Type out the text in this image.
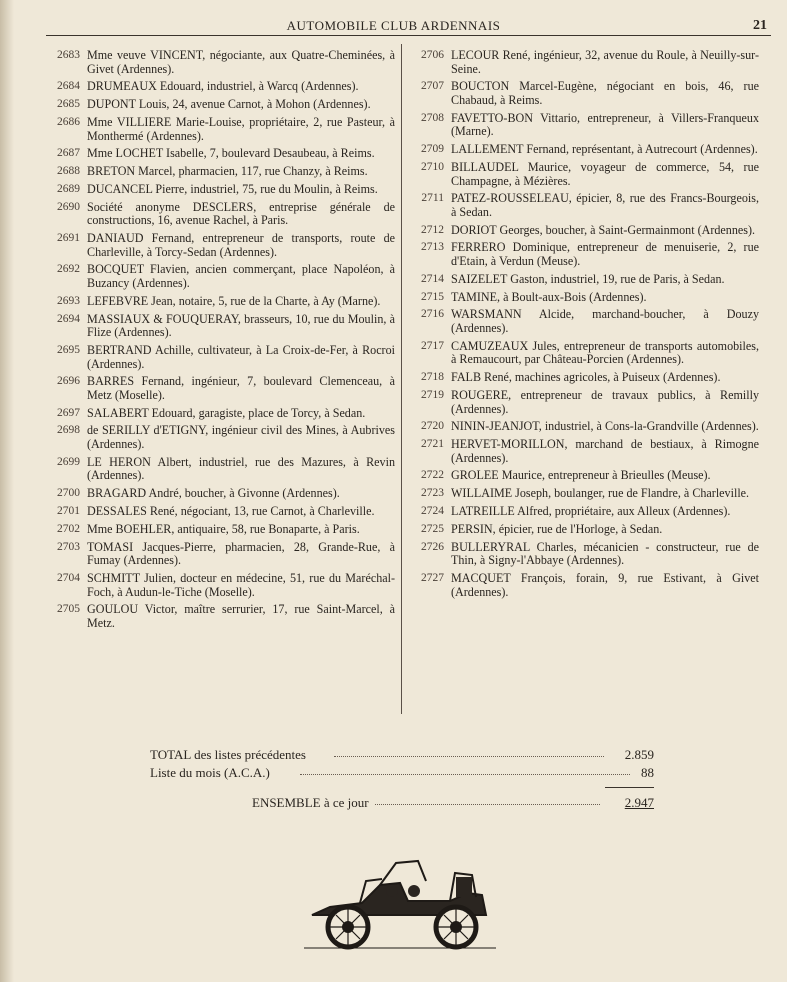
AUTOMOBILE CLUB ARDENNAIS	21
2683 Mme veuve VINCENT, négociante, aux Quatre-Cheminées, à Givet (Ardennes).
2684 DRUMEAUX Edouard, industriel, à Warcq (Ardennes).
2685 DUPONT Louis, 24, avenue Carnot, à Mohon (Ardennes).
2686 Mme VILLIERE Marie-Louise, propriétaire, 2, rue Pasteur, à Monthermé (Ardennes).
2687 Mme LOCHET Isabelle, 7, boulevard Desaubeau, à Reims.
2688 BRETON Marcel, pharmacien, 117, rue Chanzy, à Reims.
2689 DUCANCEL Pierre, industriel, 75, rue du Moulin, à Reims.
2690 Société anonyme DESCLERS, entreprise générale de constructions, 16, avenue Rachel, à Paris.
2691 DANIAUD Fernand, entrepreneur de transports, route de Charleville, à Torcy-Sedan (Ardennes).
2692 BOCQUET Flavien, ancien commerçant, place Napoléon, à Buzancy (Ardennes).
2693 LEFEBVRE Jean, notaire, 5, rue de la Charte, à Ay (Marne).
2694 MASSIAUX & FOUQUERAY, brasseurs, 10, rue du Moulin, à Flize (Ardennes).
2695 BERTRAND Achille, cultivateur, à La Croix-de-Fer, à Rocroi (Ardennes).
2696 BARRES Fernand, ingénieur, 7, boulevard Clemenceau, à Metz (Moselle).
2697 SALABERT Edouard, garagiste, place de Torcy, à Sedan.
2698 de SERILLY d'ETIGNY, ingénieur civil des Mines, à Aubrives (Ardennes).
2699 LE HERON Albert, industriel, rue des Mazures, à Revin (Ardennes).
2700 BRAGARD André, boucher, à Givonne (Ardennes).
2701 DESSALES René, négociant, 13, rue Carnot, à Charleville.
2702 Mme BOEHLER, antiquaire, 58, rue Bonaparte, à Paris.
2703 TOMASI Jacques-Pierre, pharmacien, 28, Grande-Rue, à Fumay (Ardennes).
2704 SCHMITT Julien, docteur en médecine, 51, rue du Maréchal-Foch, à Audun-le-Tiche (Moselle).
2705 GOULOU Victor, maître serrurier, 17, rue Saint-Marcel, à Metz.
2706 LECOUR René, ingénieur, 32, avenue du Roule, à Neuilly-sur-Seine.
2707 BOUCTON Marcel-Eugène, négociant en bois, 46, rue Chabaud, à Reims.
2708 FAVETTO-BON Vittario, entrepreneur, à Villers-Franqueux (Marne).
2709 LALLEMENT Fernand, représentant, à Autrecourt (Ardennes).
2710 BILLAUDEL Maurice, voyageur de commerce, 54, rue Champagne, à Mézières.
2711 PATEZ-ROUSSELEAU, épicier, 8, rue des Francs-Bourgeois, à Sedan.
2712 DORIOT Georges, boucher, à Saint-Germainmont (Ardennes).
2713 FERRERO Dominique, entrepreneur de menuiserie, 2, rue d'Etain, à Verdun (Meuse).
2714 SAIZELET Gaston, industriel, 19, rue de Paris, à Sedan.
2715 TAMINE, à Boult-aux-Bois (Ardennes).
2716 WARSMANN Alcide, marchand-boucher, à Douzy (Ardennes).
2717 CAMUZEAUX Jules, entrepreneur de transports automobiles, à Remaucourt, par Château-Porcien (Ardennes).
2718 FALB René, machines agricoles, à Puiseux (Ardennes).
2719 ROUGERE, entrepreneur de travaux publics, à Remilly (Ardennes).
2720 NININ-JEANJOT, industriel, à Cons-la-Grandville (Ardennes).
2721 HERVET-MORILLON, marchand de bestiaux, à Rimogne (Ardennes).
2722 GROLEE Maurice, entrepreneur à Brieulles (Meuse).
2723 WILLAIME Joseph, boulanger, rue de Flandre, à Charleville.
2724 LATREILLE Alfred, propriétaire, aux Alleux (Ardennes).
2725 PERSIN, épicier, rue de l'Horloge, à Sedan.
2726 BULLERYRAL Charles, mécanicien - constructeur, rue de Thin, à Signy-l'Abbaye (Ardennes).
2727 MACQUET François, forain, 9, rue Estivant, à Givet (Ardennes).
TOTAL des listes précédentes	2.859
Liste du mois (A.C.A.)	88
ENSEMBLE à ce jour	2.947
